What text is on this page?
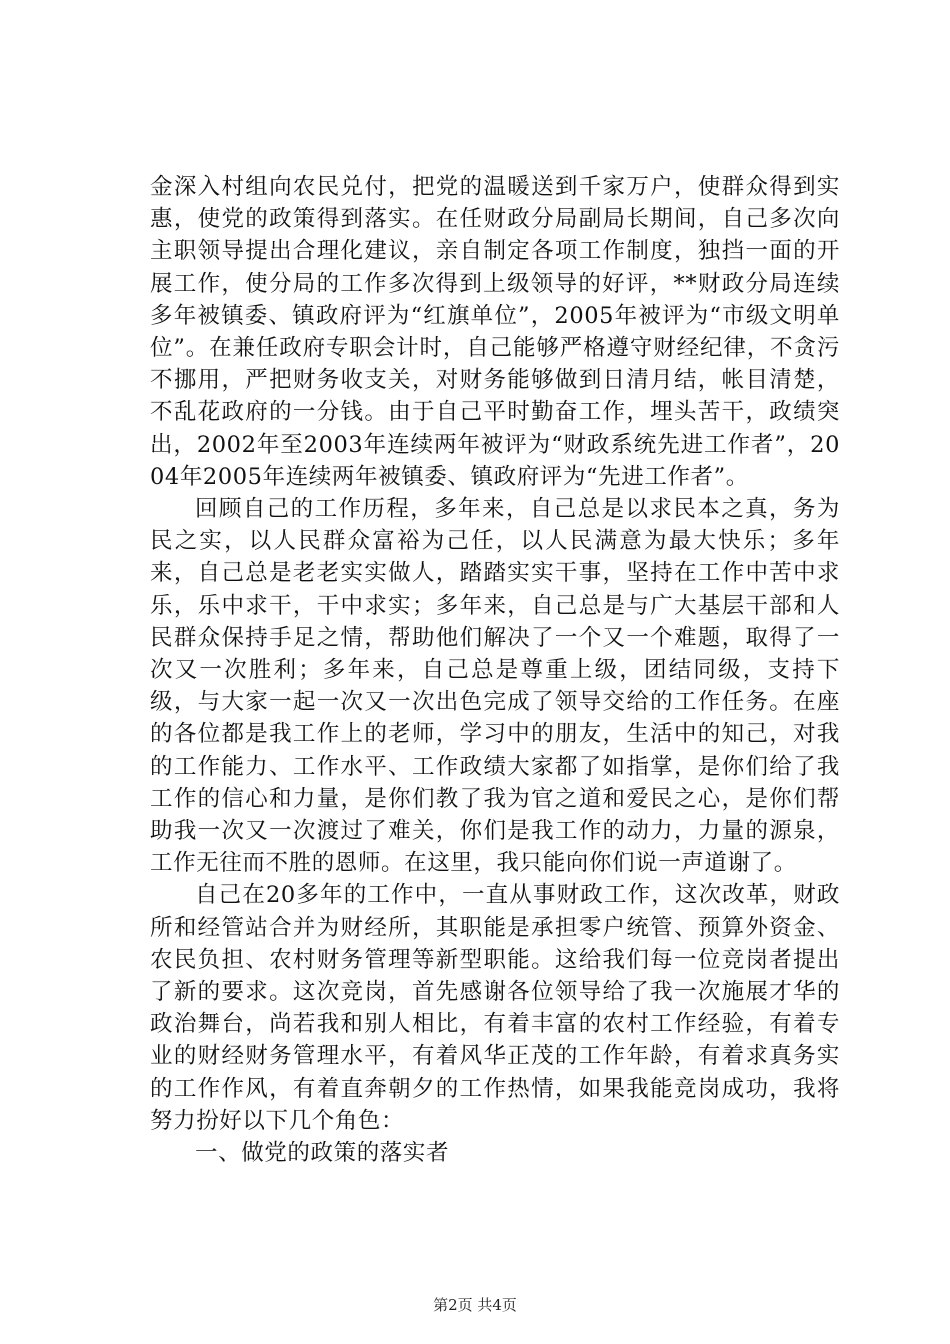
金深入村组向农民兑付，把党的温暖送到千家万户，使群众得到实惠，使党的政策得到落实。在任财政分局副局长期间，自己多次向主职领导提出合理化建议，亲自制定各项工作制度，独挡一面的开展工作，使分局的工作多次得到上级领导的好评，**财政分局连续多年被镇委、镇政府评为“红旗单位”，2005年被评为“市级文明单位”。在兼任政府专职会计时，自己能够严格遵守财经纪律，不贪污不挪用，严把财务收支关，对财务能够做到日清月结，帐目清楚，不乱花政府的一分钱。由于自己平时勤奋工作，埋头苦干，政绩突出，2002年至2003年连续两年被评为“财政系统先进工作者”，2004年2005年连续两年被镇委、镇政府评为“先进工作者”。

回顾自己的工作历程，多年来，自己总是以求民本之真，务为民之实，以人民群众富裕为己任，以人民满意为最大快乐；多年来，自己总是老老实实做人，踏踏实实干事，坚持在工作中苦中求乐，乐中求干，干中求实；多年来，自己总是与广大基层干部和人民群众保持手足之情，帮助他们解决了一个又一个难题，取得了一次又一次胜利；多年来，自己总是尊重上级，团结同级，支持下级，与大家一起一次又一次出色完成了领导交给的工作任务。在座的各位都是我工作上的老师，学习中的朋友，生活中的知己，对我的工作能力、工作水平、工作政绩大家都了如指掌，是你们给了我工作的信心和力量，是你们教了我为官之道和爱民之心，是你们帮助我一次又一次渡过了难关，你们是我工作的动力，力量的源泉，工作无往而不胜的恩师。在这里，我只能向你们说一声道谢了。

自己在20多年的工作中，一直从事财政工作，这次改革，财政所和经管站合并为财经所，其职能是承担零户统管、预算外资金、农民负担、农村财务管理等新型职能。这给我们每一位竞岗者提出了新的要求。这次竞岗，首先感谢各位领导给了我一次施展才华的政治舞台，尚若我和别人相比，有着丰富的农村工作经验，有着专业的财经财务管理水平，有着风华正茂的工作年龄，有着求真务实的工作作风，有着直奔朝夕的工作热情，如果我能竞岗成功，我将努力扮好以下几个角色：

一、做党的政策的落实者

第2页 共4页
